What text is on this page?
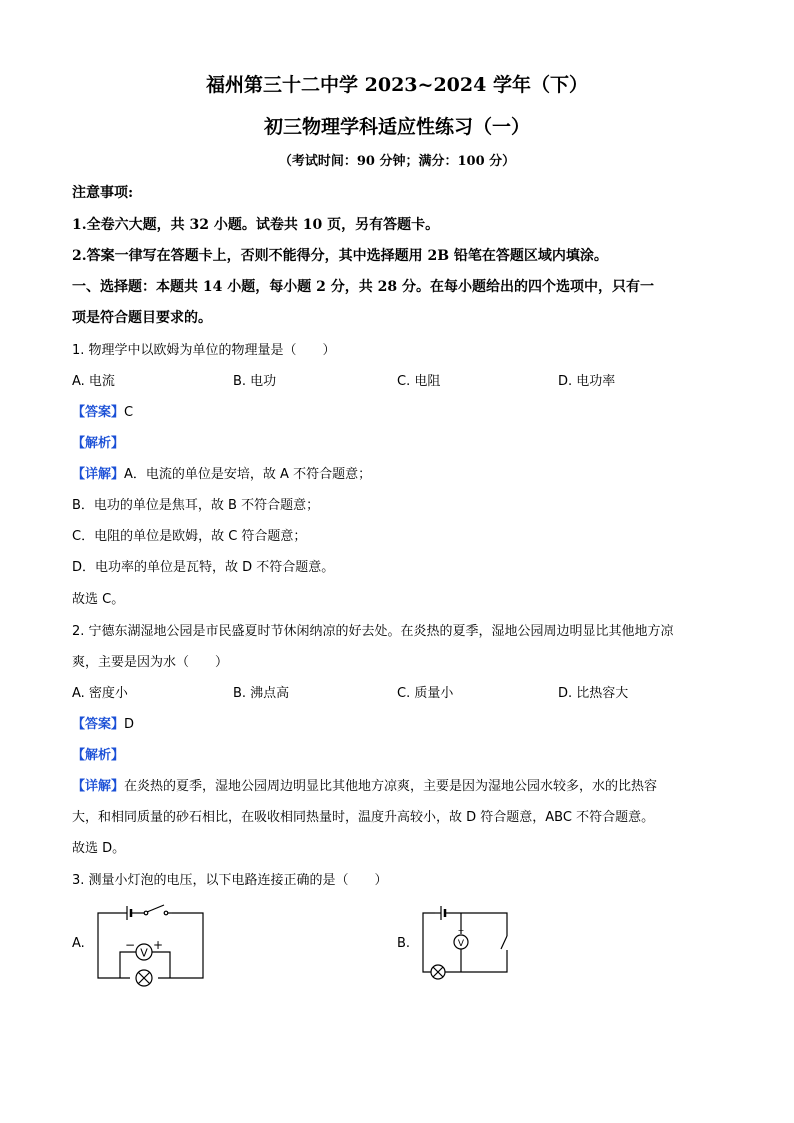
福州第三十二中学 2023~2024 学年（下）
初三物理学科适应性练习（一）
（考试时间：90 分钟；满分：100 分）
注意事项:
1.全卷六大题，共 32 小题。试卷共 10 页，另有答题卡。
2.答案一律写在答题卡上，否则不能得分，其中选择题用 2B 铅笔在答题区域内填涂。
一、选择题：本题共 14 小题，每小题 2 分，共 28 分。在每小题给出的四个选项中，只有一
项是符合题目要求的。
1. 物理学中以欧姆为单位的物理量是（　　）
A. 电流	B. 电功	C. 电阻	D. 电功率
【答案】C
【解析】
【详解】A．电流的单位是安培，故 A 不符合题意；
B．电功的单位是焦耳，故 B 不符合题意；
C．电阻的单位是欧姆，故 C 符合题意；
D．电功率的单位是瓦特，故 D 不符合题意。
故选 C。
2. 宁德东湖湿地公园是市民盛夏时节休闲纳凉的好去处。在炎热的夏季，湿地公园周边明显比其他地方凉
爽，主要是因为水（　　）
A. 密度小	B. 沸点高	C. 质量小	D. 比热容大
【答案】D
【解析】
【详解】在炎热的夏季，湿地公园周边明显比其他地方凉爽，主要是因为湿地公园水较多，水的比热容
大，和相同质量的砂石相比，在吸收相同热量时，温度升高较小，故 D 符合题意，ABC 不符合题意。
故选 D。
3. 测量小灯泡的电压，以下电路连接正确的是（　　）
A.
V
− +	B.	V
+
